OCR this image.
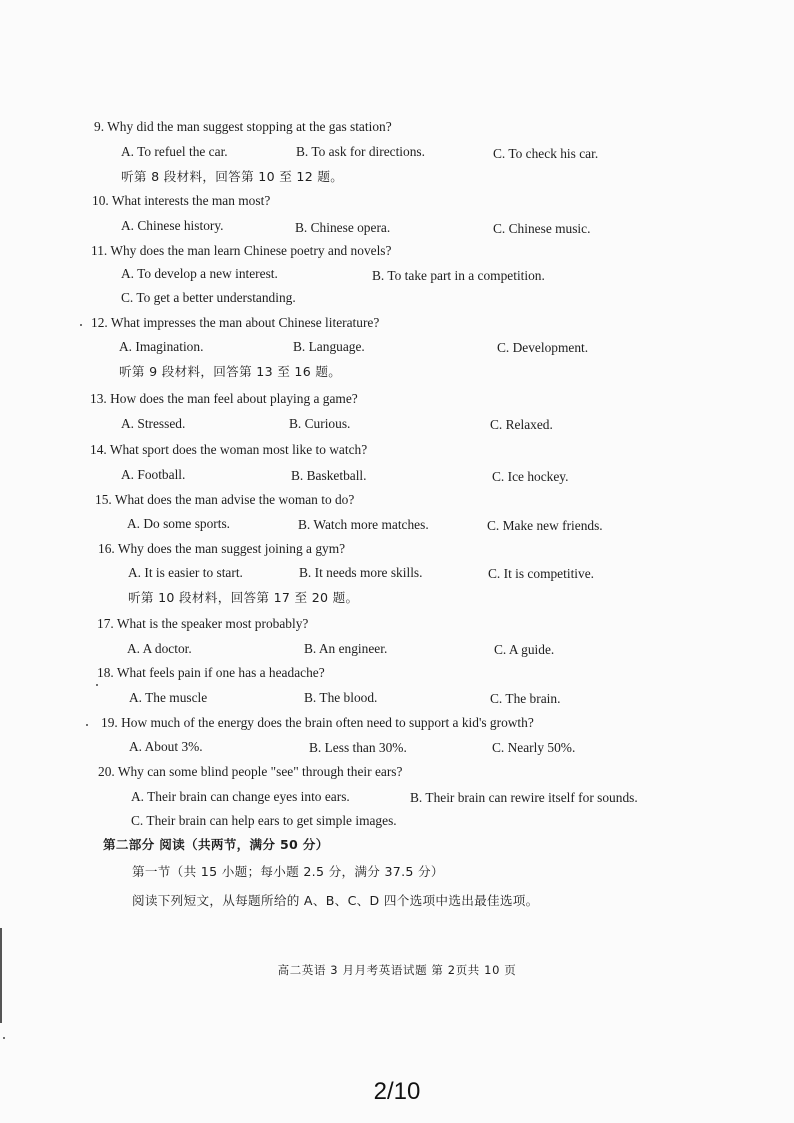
9. Why did the man suggest stopping at the gas station?
A. To refuel the car.	B. To ask for directions.	C. To check his car.
听第 8 段材料，回答第 10 至 12 题。
10. What interests the man most?
A. Chinese history.	B. Chinese opera.	C. Chinese music.
11. Why does the man learn Chinese poetry and novels?
A. To develop a new interest.	B. To take part in a competition.
C. To get a better understanding.
12. What impresses the man about Chinese literature?
A. Imagination.	B. Language.	C. Development.
听第 9 段材料，回答第 13 至 16 题。
13. How does the man feel about playing a game?
A. Stressed.	B. Curious.	C. Relaxed.
14. What sport does the woman most like to watch?
A. Football.	B. Basketball.	C. Ice hockey.
15. What does the man advise the woman to do?
A. Do some sports.	B. Watch more matches.	C. Make new friends.
16. Why does the man suggest joining a gym?
A. It is easier to start.	B. It needs more skills.	C. It is competitive.
听第 10 段材料，回答第 17 至 20 题。
17. What is the speaker most probably?
A. A doctor.	B. An engineer.	C. A guide.
18. What feels pain if one has a headache?
A. The muscle	B. The blood.	C. The brain.
19. How much of the energy does the brain often need to support a kid's growth?
A. About 3%.	B. Less than 30%.	C. Nearly 50%.
20. Why can some blind people "see" through their ears?
A. Their brain can change eyes into ears.	B. Their brain can rewire itself for sounds.
C. Their brain can help ears to get simple images.
第二部分 阅读（共两节，满分 50 分）
第一节（共 15 小题；每小题 2.5 分，满分 37.5 分）
阅读下列短文，从每题所给的 A、B、C、D 四个选项中选出最佳选项。
高二英语 3 月月考英语试题 第 2页共 10 页
2/10
